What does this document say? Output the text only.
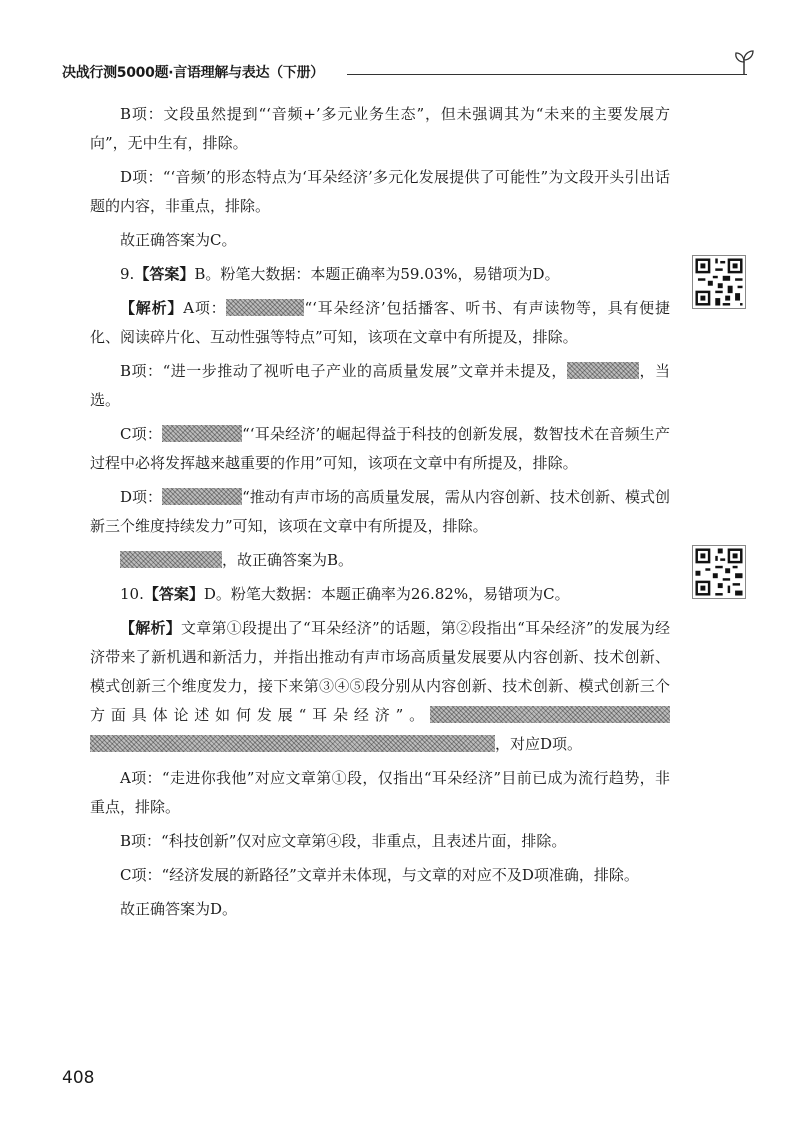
决战行测5000题·言语理解与表达（下册）

B项：文段虽然提到“‘音频+’多元业务生态”，但未强调其为“未来的主要发展方向”，无中生有，排除。

D项：“‘音频’的形态特点为‘耳朵经济’多元化发展提供了可能性”为文段开头引出话题的内容，非重点，排除。

故正确答案为C。

9.【答案】B。粉笔大数据：本题正确率为59.03%，易错项为D。

【解析】A项：	“‘耳朵经济’包括播客、听书、有声读物等，具有便捷化、阅读碎片化、互动性强等特点”可知，该项在文章中有所提及，排除。

B项：“进一步推动了视听电子产业的高质量发展”文章并未提及，	，当选。

C项：	“‘耳朵经济’的崛起得益于科技的创新发展，数智技术在音频生产过程中必将发挥越来越重要的作用”可知，该项在文章中有所提及，排除。

D项：	“推动有声市场的高质量发展，需从内容创新、技术创新、模式创新三个维度持续发力”可知，该项在文章中有所提及，排除。

，故正确答案为B。

10.【答案】D。粉笔大数据：本题正确率为26.82%，易错项为C。

【解析】文章第①段提出了“耳朵经济”的话题，第②段指出“耳朵经济”的发展为经济带来了新机遇和新活力，并指出推动有声市场高质量发展要从内容创新、技术创新、模式创新三个维度发力，接下来第③④⑤段分别从内容创新、技术创新、模式创新三个方面具体论述如何发展“耳朵经济”。，对应D项。

A项：“走进你我他”对应文章第①段，仅指出“耳朵经济”目前已成为流行趋势，非重点，排除。

B项：“科技创新”仅对应文章第④段，非重点，且表述片面，排除。

C项：“经济发展的新路径”文章并未体现，与文章的对应不及D项准确，排除。

故正确答案为D。

408
